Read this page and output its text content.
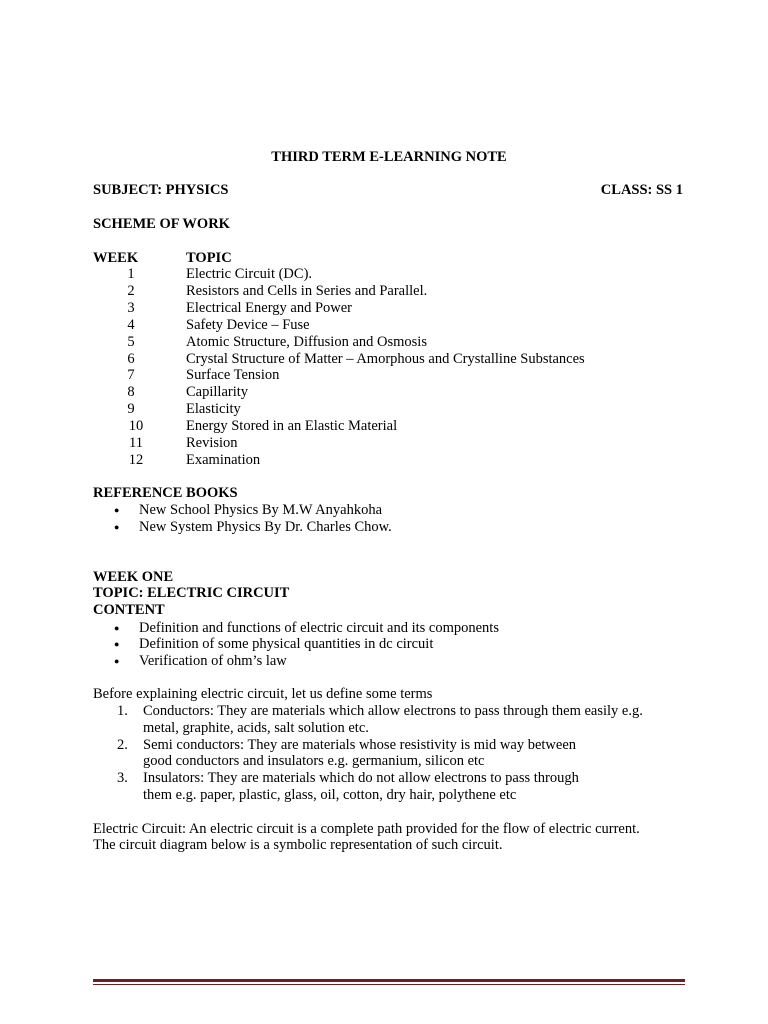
THIRD TERM E-LEARNING NOTE
SUBJECT: PHYSICS	CLASS: SS 1
SCHEME OF WORK
WEEK	TOPIC
1	Electric Circuit (DC).
2	Resistors and Cells in Series and Parallel.
3	Electrical Energy and Power
4	Safety Device – Fuse
5	Atomic Structure, Diffusion and Osmosis
6	Crystal Structure of Matter – Amorphous and Crystalline Substances
7	Surface Tension
8	Capillarity
9	Elasticity
10	Energy Stored in an Elastic Material
11	Revision
12	Examination
REFERENCE BOOKS
● New School Physics By M.W Anyahkoha
● New System Physics By Dr. Charles Chow.
WEEK ONE
TOPIC: ELECTRIC CIRCUIT
CONTENT
● Definition and functions of electric circuit and its components
● Definition of some physical quantities in dc circuit
● Verification of ohm’s law
Before explaining electric circuit, let us define some terms
1. Conductors: They are materials which allow electrons to pass through them easily e.g.
metal, graphite, acids, salt solution etc.
2. Semi conductors: They are materials whose resistivity is mid way between
good conductors and insulators e.g. germanium, silicon etc
3. Insulators: They are materials which do not allow electrons to pass through
them e.g. paper, plastic, glass, oil, cotton, dry hair, polythene etc
Electric Circuit: An electric circuit is a complete path provided for the flow of electric current.
The circuit diagram below is a symbolic representation of such circuit.
